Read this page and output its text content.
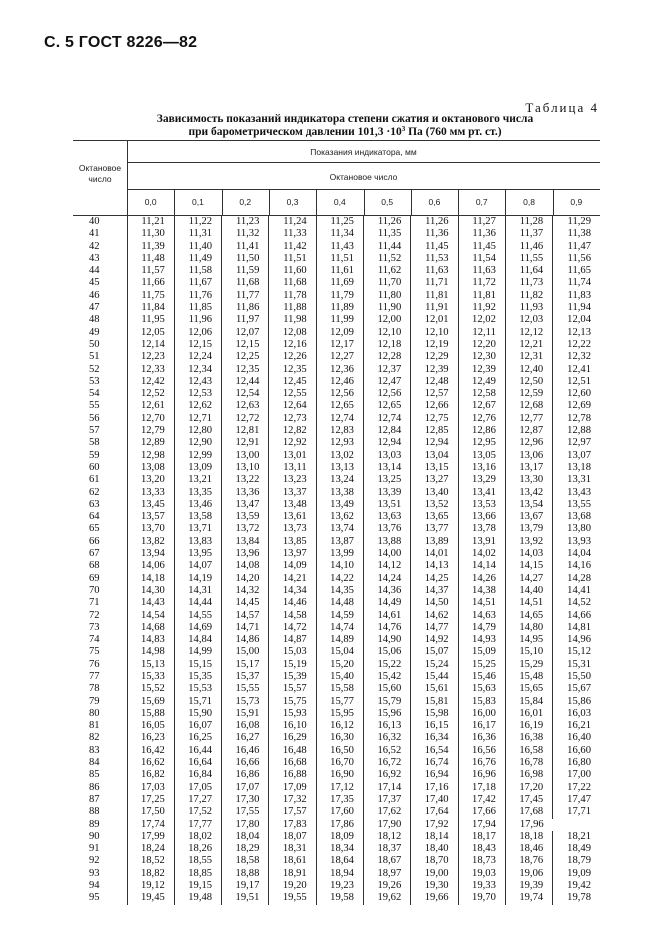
С. 5 ГОСТ 8226—82
Таблица 4
Зависимость показаний индикатора степени сжатия и октанового числа
при барометрическом давлении $101,3 \cdot 10^3$ Па (760 мм рт. ст.)
Октановое
число
Показания индикатора, мм
Октановое число
0,0	0,1	0,2	0,3	0,4	0,5	0,6	0,7	0,8	0,9
40	11,21	11,22	11,23	11,24	11,25	11,26	11,26	11,27	11,28	11,29
41	11,30	11,31	11,32	11,33	11,34	11,35	11,36	11,36	11,37	11,38
42	11,39	11,40	11,41	11,42	11,43	11,44	11,45	11,45	11,46	11,47
43	11,48	11,49	11,50	11,51	11,51	11,52	11,53	11,54	11,55	11,56
44	11,57	11,58	11,59	11,60	11,61	11,62	11,63	11,63	11,64	11,65
45	11,66	11,67	11,68	11,68	11,69	11,70	11,71	11,72	11,73	11,74
46	11,75	11,76	11,77	11,78	11,79	11,80	11,81	11,81	11,82	11,83
47	11,84	11,85	11,86	11,88	11,89	11,90	11,91	11,92	11,93	11,94
48	11,95	11,96	11,97	11,98	11,99	12,00	12,01	12,02	12,03	12,04
49	12,05	12,06	12,07	12,08	12,09	12,10	12,10	12,11	12,12	12,13
50	12,14	12,15	12,15	12,16	12,17	12,18	12,19	12,20	12,21	12,22
51	12,23	12,24	12,25	12,26	12,27	12,28	12,29	12,30	12,31	12,32
52	12,33	12,34	12,35	12,35	12,36	12,37	12,39	12,39	12,40	12,41
53	12,42	12,43	12,44	12,45	12,46	12,47	12,48	12,49	12,50	12,51
54	12,52	12,53	12,54	12,55	12,56	12,56	12,57	12,58	12,59	12,60
55	12,61	12,62	12,63	12,64	12,65	12,65	12,66	12,67	12,68	12,69
56	12,70	12,71	12,72	12,73	12,74	12,74	12,75	12,76	12,77	12,78
57	12,79	12,80	12,81	12,82	12,83	12,84	12,85	12,86	12,87	12,88
58	12,89	12,90	12,91	12,92	12,93	12,94	12,94	12,95	12,96	12,97
59	12,98	12,99	13,00	13,01	13,02	13,03	13,04	13,05	13,06	13,07
60	13,08	13,09	13,10	13,11	13,13	13,14	13,15	13,16	13,17	13,18
61	13,20	13,21	13,22	13,23	13,24	13,25	13,27	13,29	13,30	13,31
62	13,33	13,35	13,36	13,37	13,38	13,39	13,40	13,41	13,42	13,43
63	13,45	13,46	13,47	13,48	13,49	13,51	13,52	13,53	13,54	13,55
64	13,57	13,58	13,59	13,61	13,62	13,63	13,65	13,66	13,67	13,68
65	13,70	13,71	13,72	13,73	13,74	13,76	13,77	13,78	13,79	13,80
66	13,82	13,83	13,84	13,85	13,87	13,88	13,89	13,91	13,92	13,93
67	13,94	13,95	13,96	13,97	13,99	14,00	14,01	14,02	14,03	14,04
68	14,06	14,07	14,08	14,09	14,10	14,12	14,13	14,14	14,15	14,16
69	14,18	14,19	14,20	14,21	14,22	14,24	14,25	14,26	14,27	14,28
70	14,30	14,31	14,32	14,34	14,35	14,36	14,37	14,38	14,40	14,41
71	14,43	14,44	14,45	14,46	14,48	14,49	14,50	14,51	14,51	14,52
72	14,54	14,55	14,57	14,58	14,59	14,61	14,62	14,63	14,65	14,66
73	14,68	14,69	14,71	14,72	14,74	14,76	14,77	14,79	14,80	14,81
74	14,83	14,84	14,86	14,87	14,89	14,90	14,92	14,93	14,95	14,96
75	14,98	14,99	15,00	15,03	15,04	15,06	15,07	15,09	15,10	15,12
76	15,13	15,15	15,17	15,19	15,20	15,22	15,24	15,25	15,29	15,31
77	15,33	15,35	15,37	15,39	15,40	15,42	15,44	15,46	15,48	15,50
78	15,52	15,53	15,55	15,57	15,58	15,60	15,61	15,63	15,65	15,67
79	15,69	15,71	15,73	15,75	15,77	15,79	15,81	15,83	15,84	15,86
80	15,88	15,90	15,91	15,93	15,95	15,96	15,98	16,00	16,01	16,03
81	16,05	16,07	16,08	16,10	16,12	16,13	16,15	16,17	16,19	16,21
82	16,23	16,25	16,27	16,29	16,30	16,32	16,34	16,36	16,38	16,40
83	16,42	16,44	16,46	16,48	16,50	16,52	16,54	16,56	16,58	16,60
84	16,62	16,64	16,66	16,68	16,70	16,72	16,74	16,76	16,78	16,80
85	16,82	16,84	16,86	16,88	16,90	16,92	16,94	16,96	16,98	17,00
86	17,03	17,05	17,07	17,09	17,12	17,14	17,16	17,18	17,20	17,22
87	17,25	17,27	17,30	17,32	17,35	17,37	17,40	17,42	17,45	17,47
88	17,50	17,52	17,55	17,57	17,60	17,62	17,64	17,66	17,68	17,71
89	17,74	17,77	17,80	17,83	17,86	17,90	17,92	17,94	17,96	
90	17,99	18,02	18,04	18,07	18,09	18,12	18,14	18,17	18,18	18,21
91	18,24	18,26	18,29	18,31	18,34	18,37	18,40	18,43	18,46	18,49
92	18,52	18,55	18,58	18,61	18,64	18,67	18,70	18,73	18,76	18,79
93	18,82	18,85	18,88	18,91	18,94	18,97	19,00	19,03	19,06	19,09
94	19,12	19,15	19,17	19,20	19,23	19,26	19,30	19,33	19,39	19,42
95	19,45	19,48	19,51	19,55	19,58	19,62	19,66	19,70	19,74	19,78
